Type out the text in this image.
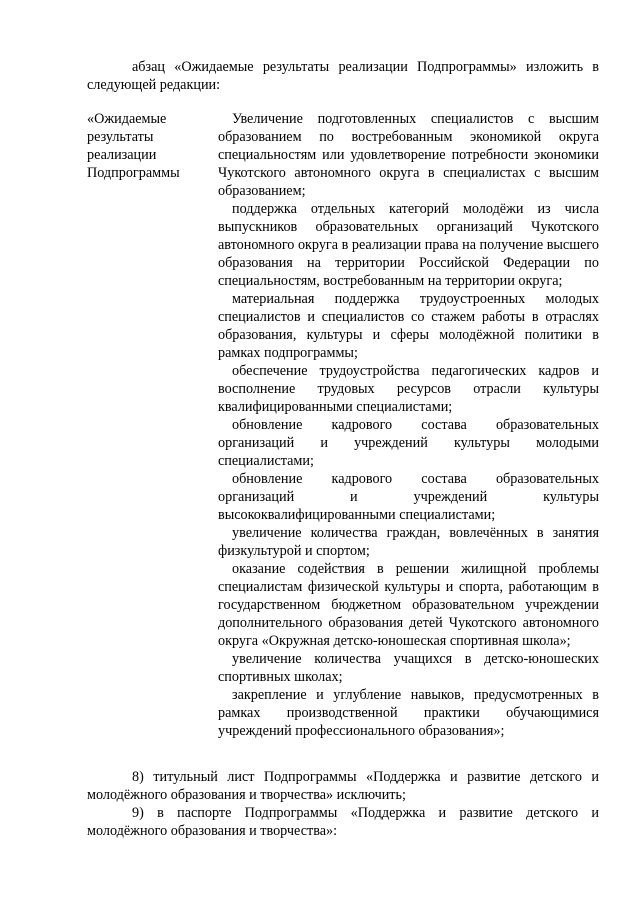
абзац «Ожидаемые результаты реализации Подпрограммы» изложить в следующей редакции:

«Ожидаемые
результаты
реализации
Подпрограммы

Увеличение подготовленных специалистов с высшим образованием по востребованным экономикой округа специальностям или удовлетворение потребности экономики Чукотского автономного округа в специалистах с высшим образованием;

поддержка отдельных категорий молодёжи из числа выпускников образовательных организаций Чукотского автономного округа в реализации права на получение высшего образования на территории Российской Федерации по специальностям, востребованным на территории округа;

материальная поддержка трудоустроенных молодых специалистов и специалистов со стажем работы в отраслях образования, культуры и сферы молодёжной политики в рамках подпрограммы;

обеспечение трудоустройства педагогических кадров и восполнение трудовых ресурсов отрасли культуры квалифицированными специалистами;

обновление кадрового состава образовательных организаций и учреждений культуры молодыми специалистами;

обновление кадрового состава образовательных организаций и учреждений культуры высококвалифицированными специалистами;

увеличение количества граждан, вовлечённых в занятия физкультурой и спортом;

оказание содействия в решении жилищной проблемы специалистам физической культуры и спорта, работающим в государственном бюджетном образовательном учреждении дополнительного образования детей Чукотского автономного округа «Окружная детско-юношеская спортивная школа»;

увеличение количества учащихся в детско-юношеских спортивных школах;

закрепление и углубление навыков, предусмотренных в рамках производственной практики обучающимися учреждений профессионального образования»;

8) титульный лист Подпрограммы «Поддержка и развитие детского и молодёжного образования и творчества» исключить;

9) в паспорте Подпрограммы «Поддержка и развитие детского и молодёжного образования и творчества»:
